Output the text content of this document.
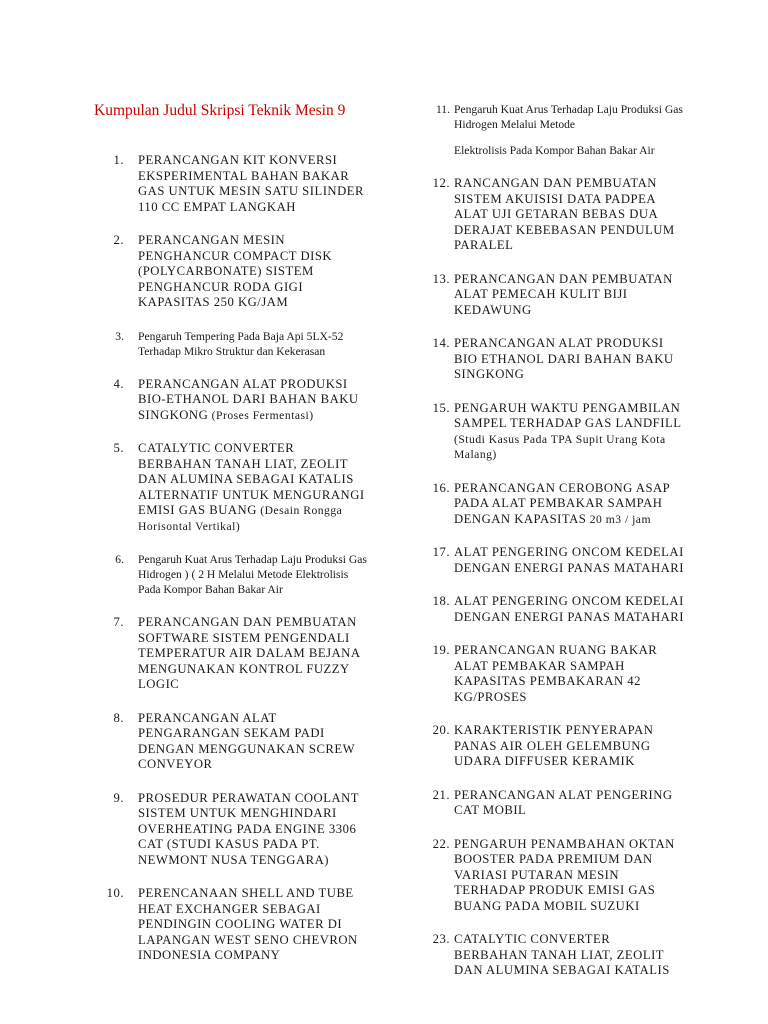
Kumpulan Judul Skripsi Teknik Mesin 9
1.	PERANCANGAN KIT KONVERSI EKSPERIMENTAL BAHAN BAKAR GAS UNTUK MESIN SATU SILINDER 110 CC EMPAT LANGKAH
2.	PERANCANGAN MESIN PENGHANCUR COMPACT DISK (POLYCARBONATE) SISTEM PENGHANCUR RODA GIGI KAPASITAS 250 KG/JAM
3.	Pengaruh Tempering Pada Baja Api 5LX-52 Terhadap Mikro Struktur dan Kekerasan
4.	PERANCANGAN ALAT PRODUKSI BIO-ETHANOL DARI BAHAN BAKU SINGKONG (Proses Fermentasi)
5.	CATALYTIC CONVERTER BERBAHAN TANAH LIAT, ZEOLIT DAN ALUMINA SEBAGAI KATALIS ALTERNATIF UNTUK MENGURANGI EMISI GAS BUANG (Desain Rongga Horisontal Vertikal)
6.	Pengaruh Kuat Arus Terhadap Laju Produksi Gas Hidrogen ) ( 2 H Melalui Metode Elektrolisis Pada Kompor Bahan Bakar Air
7.	PERANCANGAN DAN PEMBUATAN SOFTWARE SISTEM PENGENDALI TEMPERATUR AIR DALAM BEJANA MENGUNAKAN KONTROL FUZZY LOGIC
8.	PERANCANGAN ALAT PENGARANGAN SEKAM PADI DENGAN MENGGUNAKAN SCREW CONVEYOR
9.	PROSEDUR PERAWATAN COOLANT SISTEM UNTUK MENGHINDARI OVERHEATING PADA ENGINE 3306 CAT (STUDI KASUS PADA PT. NEWMONT NUSA TENGGARA)
10.	PERENCANAAN SHELL AND TUBE HEAT EXCHANGER SEBAGAI PENDINGIN COOLING WATER DI LAPANGAN WEST SENO CHEVRON INDONESIA COMPANY
11. Pengaruh Kuat Arus Terhadap Laju Produksi Gas Hidrogen Melalui Metode
Elektrolisis Pada Kompor Bahan Bakar Air
12. RANCANGAN DAN PEMBUATAN SISTEM AKUISISI DATA PADPEA ALAT UJI GETARAN BEBAS DUA DERAJAT KEBEBASAN PENDULUM PARALEL
13. PERANCANGAN DAN PEMBUATAN ALAT PEMECAH KULIT BIJI KEDAWUNG
14. PERANCANGAN ALAT PRODUKSI BIO ETHANOL DARI BAHAN BAKU SINGKONG
15. PENGARUH WAKTU PENGAMBILAN SAMPEL TERHADAP GAS LANDFILL (Studi Kasus Pada TPA Supit Urang Kota Malang)
16. PERANCANGAN CEROBONG ASAP PADA ALAT PEMBAKAR SAMPAH DENGAN KAPASITAS 20 m3 / jam
17. ALAT PENGERING ONCOM KEDELAI DENGAN ENERGI PANAS MATAHARI
18. ALAT PENGERING ONCOM KEDELAI DENGAN ENERGI PANAS MATAHARI
19. PERANCANGAN RUANG BAKAR ALAT PEMBAKAR SAMPAH KAPASITAS PEMBAKARAN 42 KG/PROSES
20. KARAKTERISTIK PENYERAPAN PANAS AIR OLEH GELEMBUNG UDARA DIFFUSER KERAMIK
21. PERANCANGAN ALAT PENGERING CAT MOBIL
22. PENGARUH PENAMBAHAN OKTAN BOOSTER PADA PREMIUM DAN VARIASI PUTARAN MESIN TERHADAP PRODUK EMISI GAS BUANG PADA MOBIL SUZUKI
23. CATALYTIC CONVERTER BERBAHAN TANAH LIAT, ZEOLIT DAN ALUMINA SEBAGAI KATALIS
